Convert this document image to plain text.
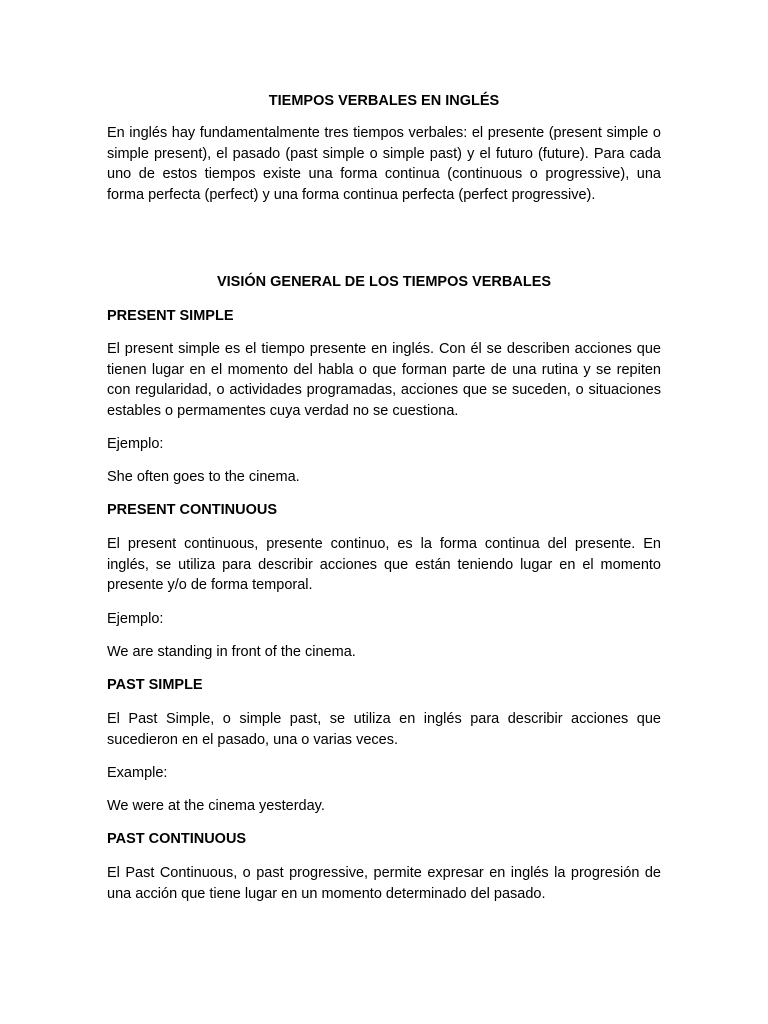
TIEMPOS VERBALES EN INGLÉS

En inglés hay fundamentalmente tres tiempos verbales: el presente (present simple o simple present), el pasado (past simple o simple past) y el futuro (future). Para cada uno de estos tiempos existe una forma continua (continuous o progressive), una forma perfecta (perfect) y una forma continua perfecta (perfect progressive).

VISIÓN GENERAL DE LOS TIEMPOS VERBALES
PRESENT SIMPLE

El present simple es el tiempo presente en inglés. Con él se describen acciones que tienen lugar en el momento del habla o que forman parte de una rutina y se repiten con regularidad, o actividades programadas, acciones que se suceden, o situaciones estables o permamentes cuya verdad no se cuestiona.

Ejemplo:

She often goes to the cinema.

PRESENT CONTINUOUS

El present continuous, presente continuo, es la forma continua del presente. En inglés, se utiliza para describir acciones que están teniendo lugar en el momento presente y/o de forma temporal.

Ejemplo:

We are standing in front of the cinema.

PAST SIMPLE

El Past Simple, o simple past, se utiliza en inglés para describir acciones que sucedieron en el pasado, una o varias veces.

Example:

We were at the cinema yesterday.

PAST CONTINUOUS

El Past Continuous, o past progressive, permite expresar en inglés la progresión de una acción que tiene lugar en un momento determinado del pasado.
